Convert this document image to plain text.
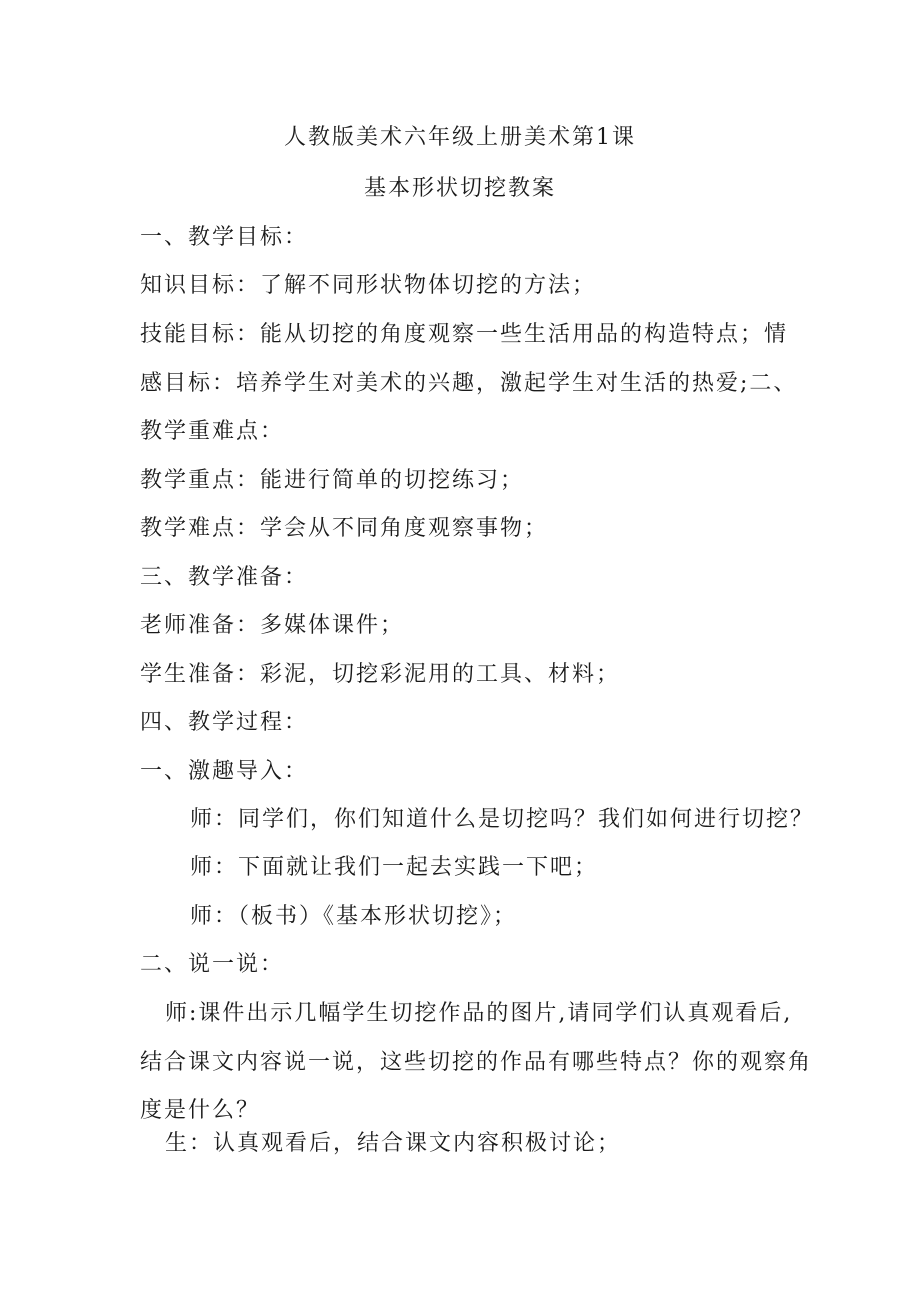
人教版美术六年级上册美术第1课
基本形状切挖教案
一、教学目标：
知识目标：了解不同形状物体切挖的方法；
技能目标：能从切挖的角度观察一些生活用品的构造特点；情
感目标：培养学生对美术的兴趣，激起学生对生活的热爱;二、
教学重难点：
教学重点：能进行简单的切挖练习；
教学难点：学会从不同角度观察事物；
三、教学准备：
老师准备：多媒体课件；
学生准备：彩泥，切挖彩泥用的工具、材料；
四、教学过程：
一、激趣导入：
师：同学们，你们知道什么是切挖吗？我们如何进行切挖？
师：下面就让我们一起去实践一下吧；
师：（板书）《基本形状切挖》；
二、说一说：
师:课件出示几幅学生切挖作品的图片,请同学们认真观看后,
结合课文内容说一说，这些切挖的作品有哪些特点？你的观察角
度是什么？
生：认真观看后，结合课文内容积极讨论；
